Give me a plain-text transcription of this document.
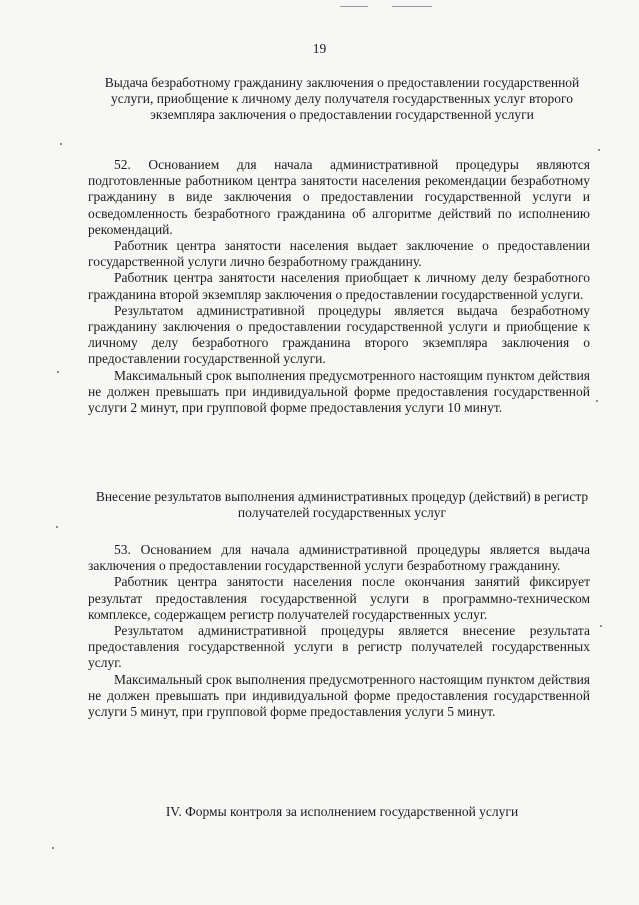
19
Выдача безработному гражданину заключения о предоставлении государственной услуги, приобщение к личному делу получателя государственных услуг второго экземпляра заключения о предоставлении государственной услуги

52. Основанием для начала административной процедуры являются подготовленные работником центра занятости населения рекомендации безработному гражданину в виде заключения о предоставлении государственной услуги и осведомленность безработного гражданина об алгоритме действий по исполнению рекомендаций.

Работник центра занятости населения выдает заключение о предоставлении государственной услуги лично безработному гражданину.

Работник центра занятости населения приобщает к личному делу безработного гражданина второй экземпляр заключения о предоставлении государственной услуги.

Результатом административной процедуры является выдача безработному гражданину заключения о предоставлении государственной услуги и приобщение к личному делу безработного гражданина второго экземпляра заключения о предоставлении государственной услуги.

Максимальный срок выполнения предусмотренного настоящим пунктом действия не должен превышать при индивидуальной форме предоставления государственной услуги 2 минут, при групповой форме предоставления услуги 10 минут.

Внесение результатов выполнения административных процедур (действий) в регистр получателей государственных услуг

53. Основанием для начала административной процедуры является выдача заключения о предоставлении государственной услуги безработному гражданину.

Работник центра занятости населения после окончания занятий фиксирует результат предоставления государственной услуги в программно-техническом комплексе, содержащем регистр получателей государственных услуг.

Результатом административной процедуры является внесение результата предоставления государственной услуги в регистр получателей государственных услуг.

Максимальный срок выполнения предусмотренного настоящим пунктом действия не должен превышать при индивидуальной форме предоставления государственной услуги 5 минут, при групповой форме предоставления услуги 5 минут.

IV. Формы контроля за исполнением государственной услуги
